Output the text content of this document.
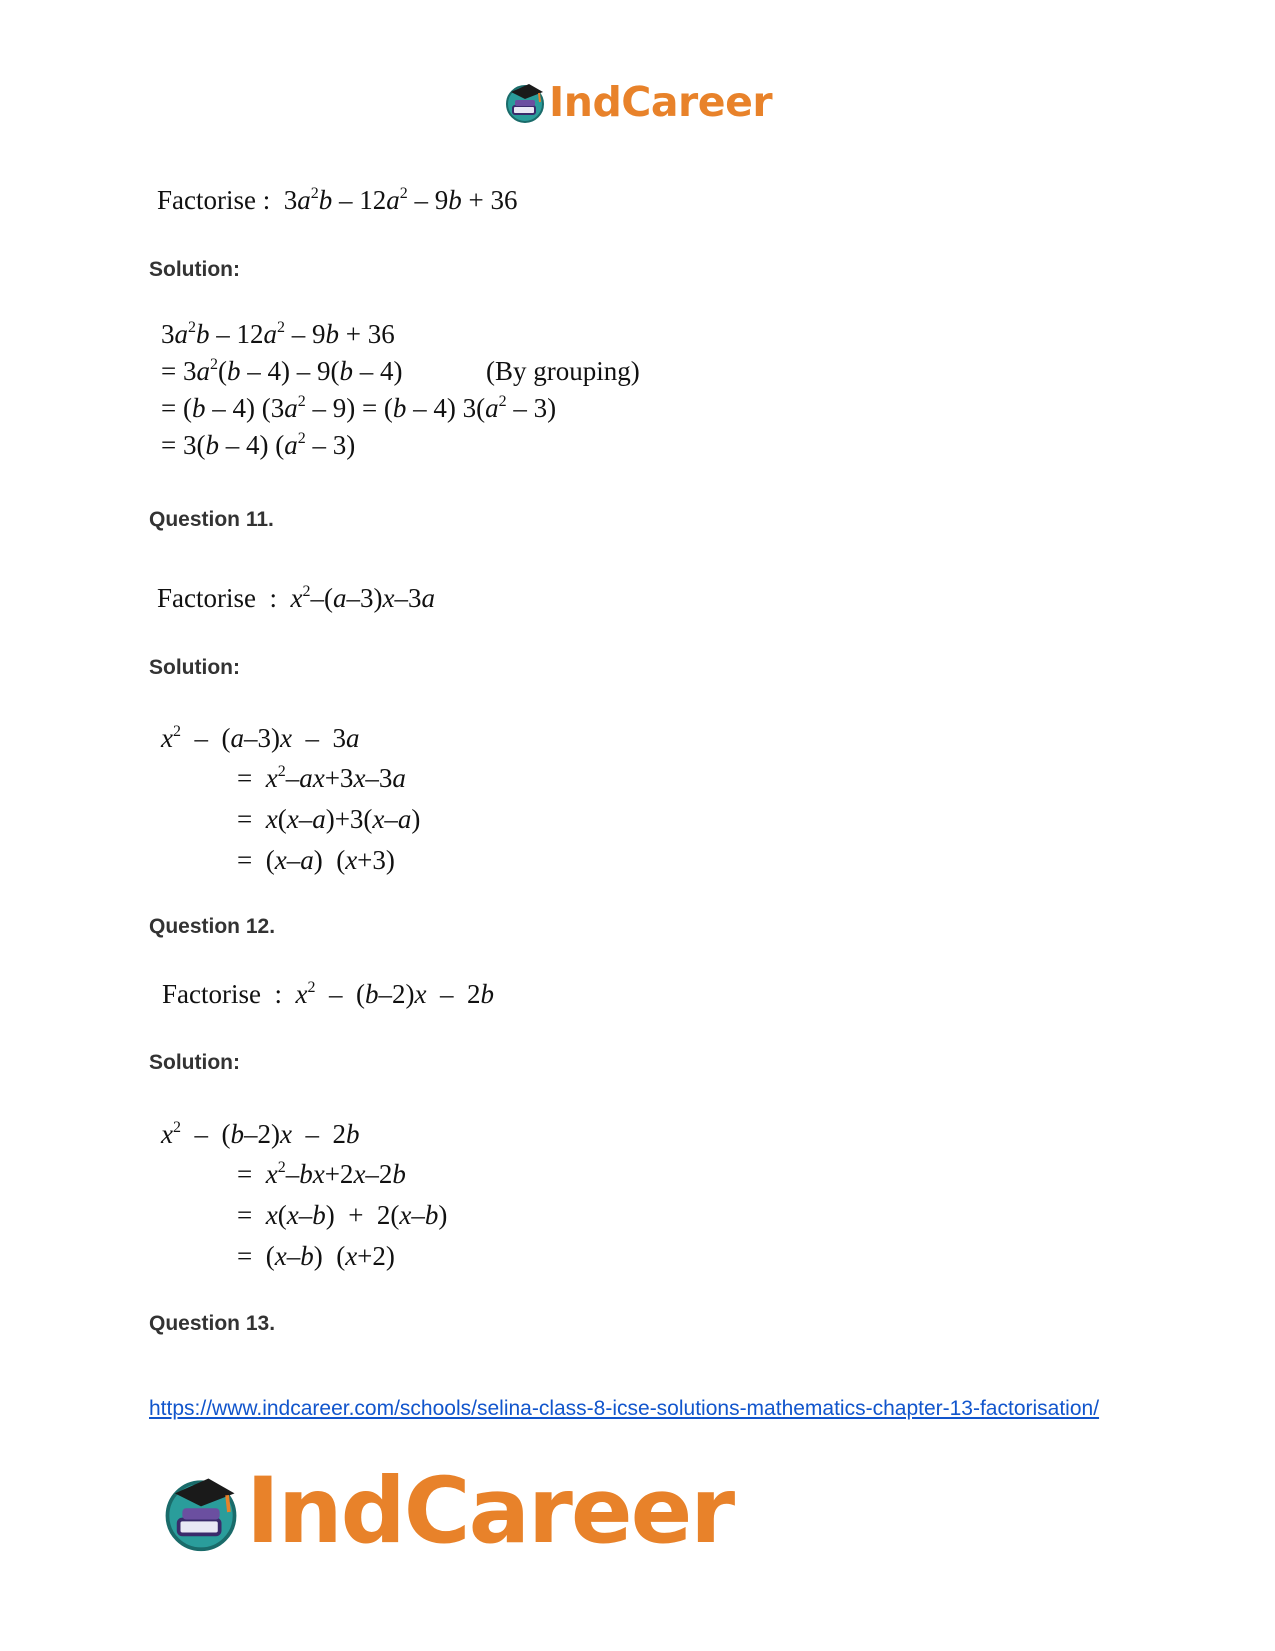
IndCareer
Factorise :  $3a^2b - 12a^2 - 9b + 36$
Solution:
$3a^2b - 12a^2 - 9b + 36$
= $3a^2(b - 4) - 9(b - 4)$	(By grouping)
= (b – 4) $(3a^2 - 9) = (b - 4)$ $3(a^2 - 3)$
= 3(b – 4) $(a^2 - 3)$
Question 11.
Factorise  :  $x^2-(a-3)x-3a$
Solution:
$x^2 - (a-3)x - 3a$
=  $x^2-ax+3x-3a$
=  x(x–a)+3(x–a)
=  (x–a)  (x+3)
Question 12.
Factorise  :  $x^2 - (b-2)x - 2b$
Solution:
$x^2 - (b-2)x - 2b$
=  $x^2-bx+2x-2b$
=  x(x–b)  +  2(x–b)
=  (x–b)  (x+2)
Question 13.
https://www.indcareer.com/schools/selina-class-8-icse-solutions-mathematics-chapter-13-factorisation/
IndCareer
